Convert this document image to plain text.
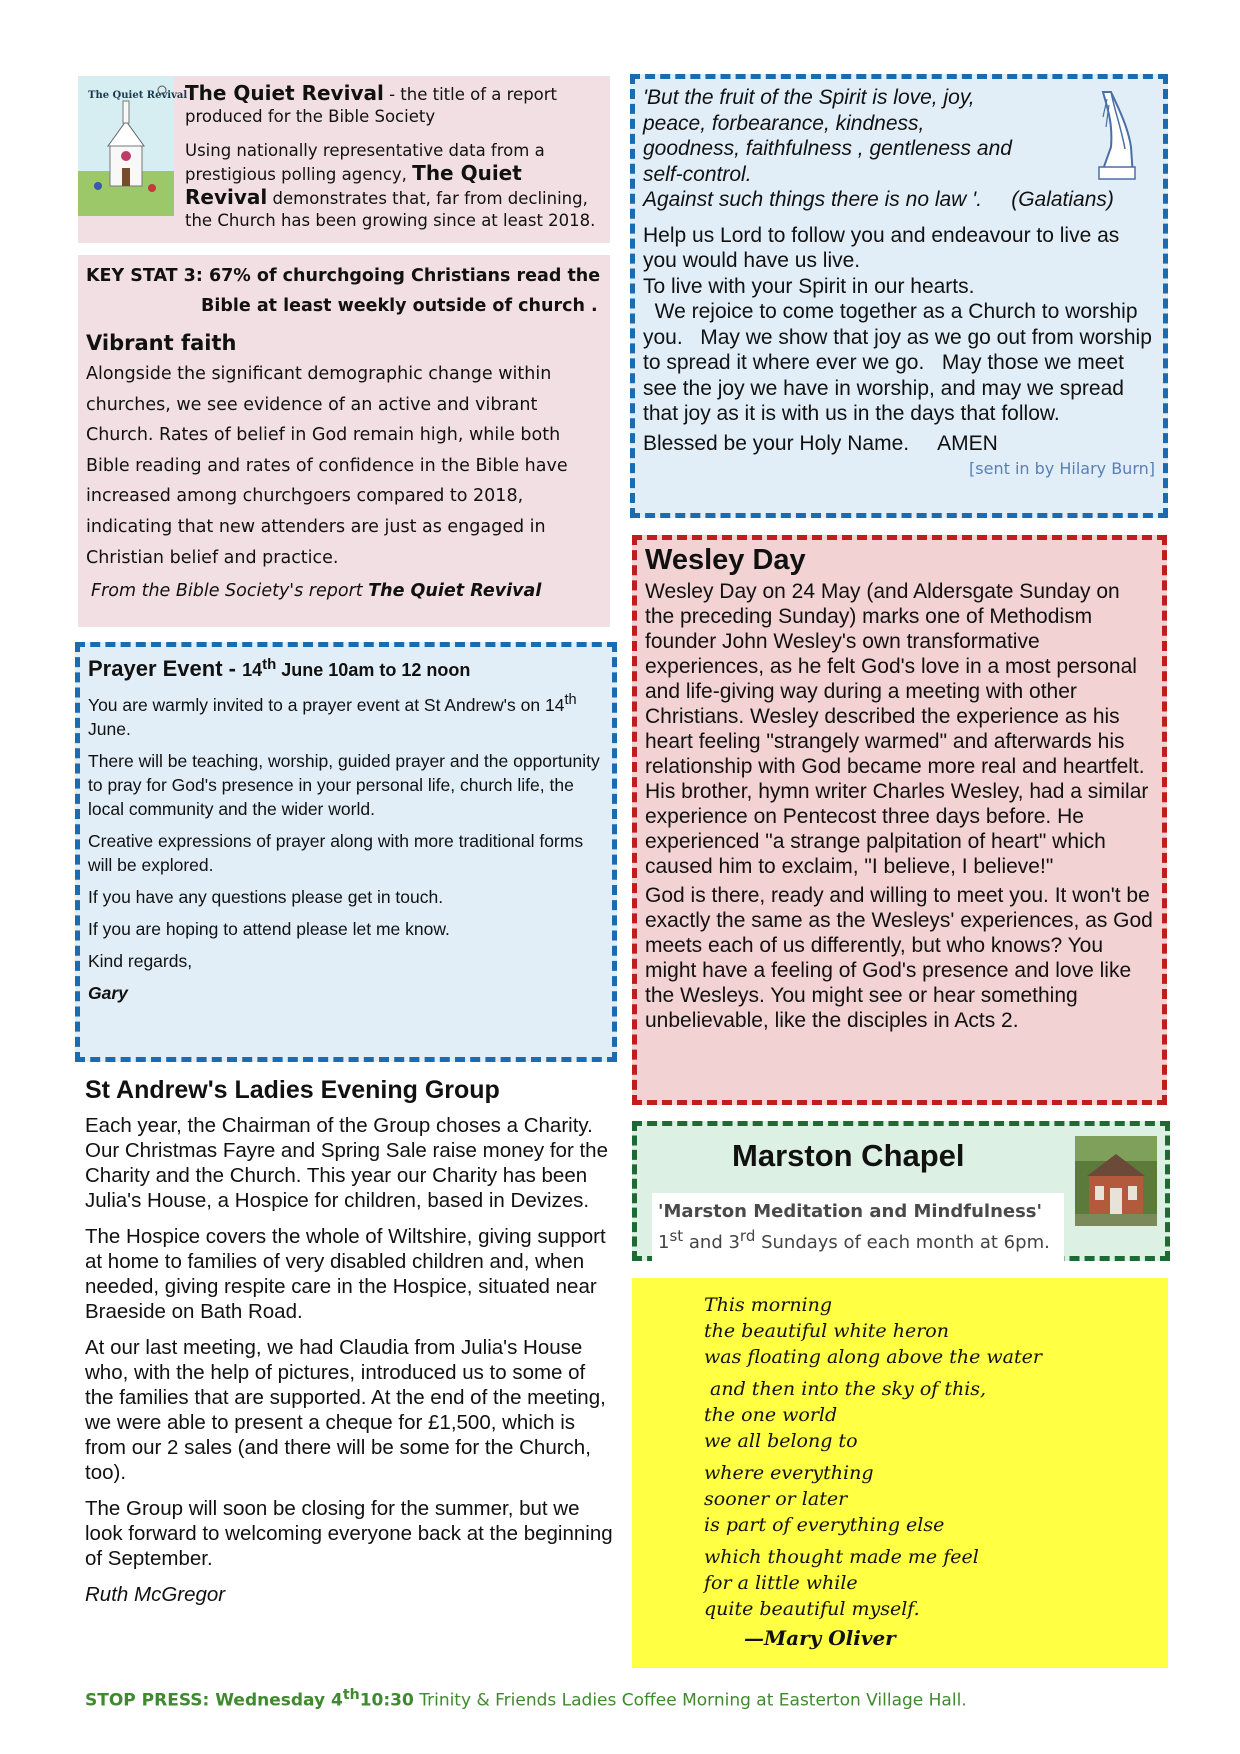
The Quiet Revival

The Quiet Revival - the title of a report produced for the Bible Society

Using nationally representative data from a prestigious polling agency, The Quiet Revival demonstrates that, far from declining, the Church has been growing since at least 2018.

KEY STAT 3: 67% of churchgoing Christians read the
Bible at least weekly outside of church .
Vibrant faith

Alongside the significant demographic change within churches, we see evidence of an active and vibrant Church. Rates of belief in God remain high, while both Bible reading and rates of confidence in the Bible have increased among churchgoers compared to 2018, indicating that new attenders are just as engaged in Christian belief and practice.

From the Bible Society's report The Quiet Revival

Prayer Event - 14th June 10am to 12 noon

You are warmly invited to a prayer event at St Andrew's on 14th June.

There will be teaching, worship, guided prayer and the opportunity to pray for God's presence in your personal life, church life, the local community and the wider world.

Creative expressions of prayer along with more traditional forms will be explored.

If you have any questions please get in touch.

If you are hoping to attend please let me know.

Kind regards,

Gary

St Andrew's Ladies Evening Group

Each year, the Chairman of the Group choses a Charity. Our Christmas Fayre and Spring Sale raise money for the Charity and the Church. This year our Charity has been Julia's House, a Hospice for children, based in Devizes.

The Hospice covers the whole of Wiltshire, giving support at home to families of very disabled children and, when needed, giving respite care in the Hospice, situated near Braeside on Bath Road.

At our last meeting, we had Claudia from Julia's House who, with the help of pictures, introduced us to some of the families that are supported. At the end of the meeting, we were able to present a cheque for £1,500, which is from our 2 sales (and there will be some for the Church, too).

The Group will soon be closing for the summer, but we look forward to welcoming everyone back at the beginning of September.

Ruth McGregor

'But the fruit of the Spirit is love, joy,
peace, forbearance, kindness,
goodness, faithfulness , gentleness and
self-control.
Against such things there is no law '.     (Galatians)

Help us Lord to follow you and endeavour to live as you would have us live.

To live with your Spirit in our hearts.

We rejoice to come together as a Church to worship you.   May we show that joy as we go out from worship to spread it where ever we go.   May those we meet see the joy we have in worship, and may we spread that joy as it is with us in the days that follow.

Blessed be your Holy Name.     AMEN

[sent in by Hilary Burn]

Wesley Day

Wesley Day on 24 May (and Aldersgate Sunday on the preceding Sunday) marks one of Methodism founder John Wesley's own transformative experiences, as he felt God's love in a most personal and life-giving way during a meeting with other Christians. Wesley described the experience as his heart feeling "strangely warmed" and afterwards his relationship with God became more real and heartfelt. His brother, hymn writer Charles Wesley, had a similar experience on Pentecost three days before. He experienced "a strange palpitation of heart" which caused him to exclaim, "I believe, I believe!"

God is there, ready and willing to meet you. It won't be exactly the same as the Wesleys' experiences, as God meets each of us differently, but who knows? You might have a feeling of God's presence and love like the Wesleys. You might see or hear something unbelievable, like the disciples in Acts 2.

Marston Chapel
'Marston Meditation and Mindfulness'
1st and 3rd Sundays of each month at 6pm.
This morning
the beautiful white heron
was floating along above the water
and then into the sky of this,
the one world
we all belong to
where everything
sooner or later
is part of everything else
which thought made me feel
for a little while
quite beautiful myself.
—Mary Oliver
STOP PRESS: Wednesday 4th10:30 Trinity & Friends Ladies Coffee Morning at Easterton Village Hall.
